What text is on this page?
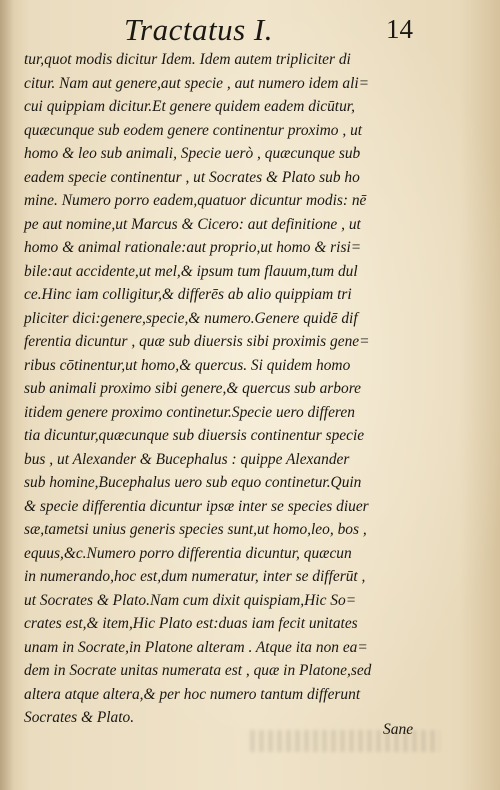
Tractatus I.	14
tur,quot modis dicitur Idem. Idem autem tripliciter di
citur. Nam aut genere,aut specie , aut numero idem ali=
cui quippiam dicitur.Et genere quidem eadem dicūtur,
quæcunque sub eodem genere continentur proximo , ut
homo & leo sub animali, Specie uerò , quæcunque sub
eadem specie continentur , ut Socrates & Plato sub ho
mine. Numero porro eadem,quatuor dicuntur modis: nē
pe aut nomine,ut Marcus & Cicero: aut definitione , ut
homo & animal rationale:aut proprio,ut homo & risi=
bile:aut accidente,ut mel,& ipsum tum flauum,tum dul
ce.Hinc iam colligitur,& differēs ab alio quippiam tri
pliciter dici:genere,specie,& numero.Genere quidē dif
ferentia dicuntur , quæ sub diuersis sibi proximis gene=
ribus cōtinentur,ut homo,& quercus. Si quidem homo
sub animali proximo sibi genere,& quercus sub arbore
itidem genere proximo continetur.Specie uero differen
tia dicuntur,quæcunque sub diuersis continentur specie
bus , ut Alexander & Bucephalus : quippe Alexander
sub homine,Bucephalus uero sub equo continetur.Quin
& specie differentia dicuntur ipsæ inter se species diuer
sæ,tametsi unius generis species sunt,ut homo,leo, bos ,
equus,&c.Numero porro differentia dicuntur, quæcun
in numerando,hoc est,dum numeratur, inter se differūt ,
ut Socrates & Plato.Nam cum dixit quispiam,Hic So=
crates est,& item,Hic Plato est:duas iam fecit unitates
unam in Socrate,in Platone alteram . Atque ita non ea=
dem in Socrate unitas numerata est , quæ in Platone,sed
altera atque altera,& per hoc numero tantum differunt
Socrates & Plato.
Sane
